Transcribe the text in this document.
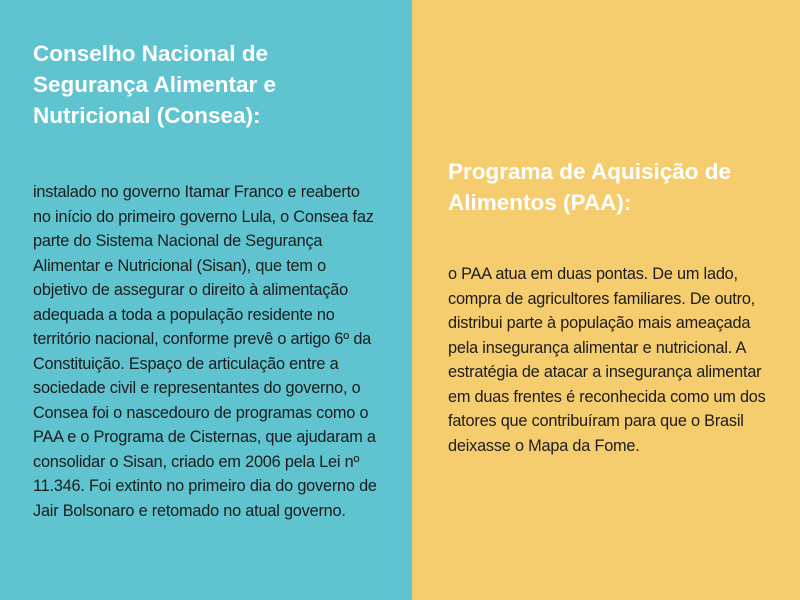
Conselho Nacional de Segurança Alimentar e Nutricional (Consea):

instalado no governo Itamar Franco e reaberto no início do primeiro governo Lula, o Consea faz parte do Sistema Nacional de Segurança Alimentar e Nutricional (Sisan), que tem o objetivo de assegurar o direito à alimentação adequada a toda a população residente no território nacional, conforme prevê o artigo 6º da Constituição. Espaço de articulação entre a sociedade civil e representantes do governo, o Consea foi o nascedouro de programas como o PAA e o Programa de Cisternas, que ajudaram a consolidar o Sisan, criado em 2006 pela Lei nº 11.346. Foi extinto no primeiro dia do governo de Jair Bolsonaro e retomado no atual governo.

Programa de Aquisição de Alimentos (PAA):

o PAA atua em duas pontas. De um lado, compra de agricultores familiares. De outro, distribui parte à população mais ameaçada pela insegurança alimentar e nutricional. A estratégia de atacar a insegurança alimentar em duas frentes é reconhecida como um dos fatores que contribuíram para que o Brasil deixasse o Mapa da Fome.
